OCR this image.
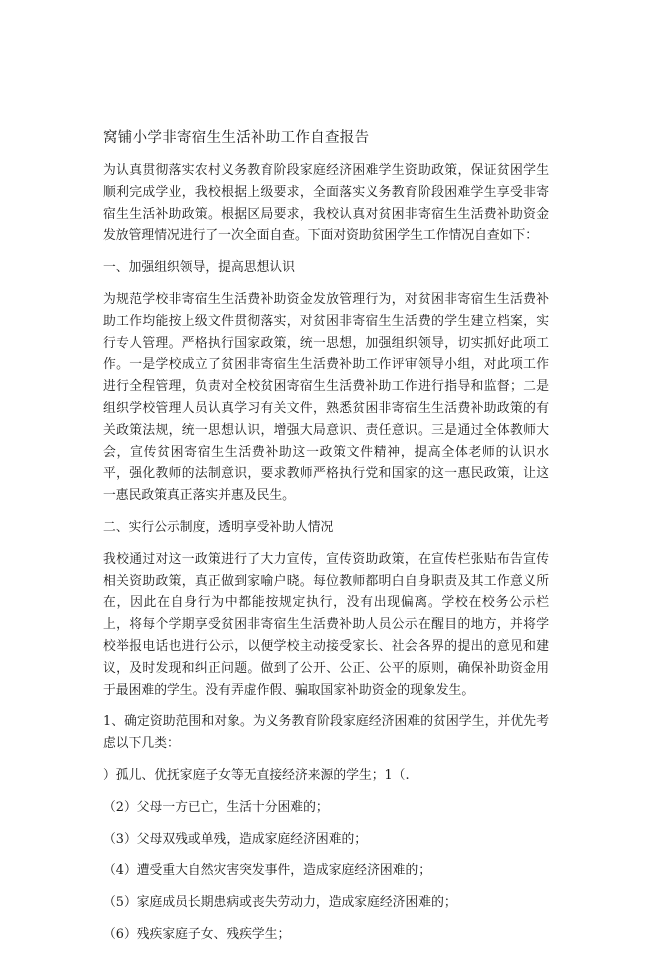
窝铺小学非寄宿生生活补助工作自查报告

为认真贯彻落实农村义务教育阶段家庭经济困难学生资助政策，保证贫困学生顺利完成学业，我校根据上级要求，全面落实义务教育阶段困难学生享受非寄宿生生活补助政策。根据区局要求，我校认真对贫困非寄宿生生活费补助资金发放管理情况进行了一次全面自查。下面对资助贫困学生工作情况自查如下：

一、加强组织领导，提高思想认识

为规范学校非寄宿生生活费补助资金发放管理行为，对贫困非寄宿生生活费补助工作均能按上级文件贯彻落实，对贫困非寄宿生生活费的学生建立档案，实行专人管理。严格执行国家政策，统一思想，加强组织领导，切实抓好此项工作。一是学校成立了贫困非寄宿生生活费补助工作评审领导小组，对此项工作进行全程管理，负责对全校贫困寄宿生生活费补助工作进行指导和监督；二是组织学校管理人员认真学习有关文件，熟悉贫困非寄宿生生活费补助政策的有关政策法规，统一思想认识，增强大局意识、责任意识。三是通过全体教师大会，宣传贫困寄宿生生活费补助这一政策文件精神，提高全体老师的认识水平，强化教师的法制意识，要求教师严格执行党和国家的这一惠民政策，让这一惠民政策真正落实并惠及民生。

二、实行公示制度，透明享受补助人情况

我校通过对这一政策进行了大力宣传，宣传资助政策，在宣传栏张贴布告宣传相关资助政策，真正做到家喻户晓。每位教师都明白自身职责及其工作意义所在，因此在自身行为中都能按规定执行，没有出现偏离。学校在校务公示栏上，将每个学期享受贫困非寄宿生生活费补助人员公示在醒目的地方，并将学校举报电话也进行公示，以便学校主动接受家长、社会各界的提出的意见和建议，及时发现和纠正问题。做到了公开、公正、公平的原则，确保补助资金用于最困难的学生。没有弄虚作假、骗取国家补助资金的现象发生。

1、确定资助范围和对象。为义务教育阶段家庭经济困难的贫困学生，并优先考虑以下几类：

）孤儿、优抚家庭子女等无直接经济来源的学生；1（.

（2）父母一方已亡，生活十分困难的；

（3）父母双残或单残，造成家庭经济困难的；

（4）遭受重大自然灾害突发事件，造成家庭经济困难的；

（5）家庭成员长期患病或丧失劳动力，造成家庭经济困难的；

（6）残疾家庭子女、残疾学生；
